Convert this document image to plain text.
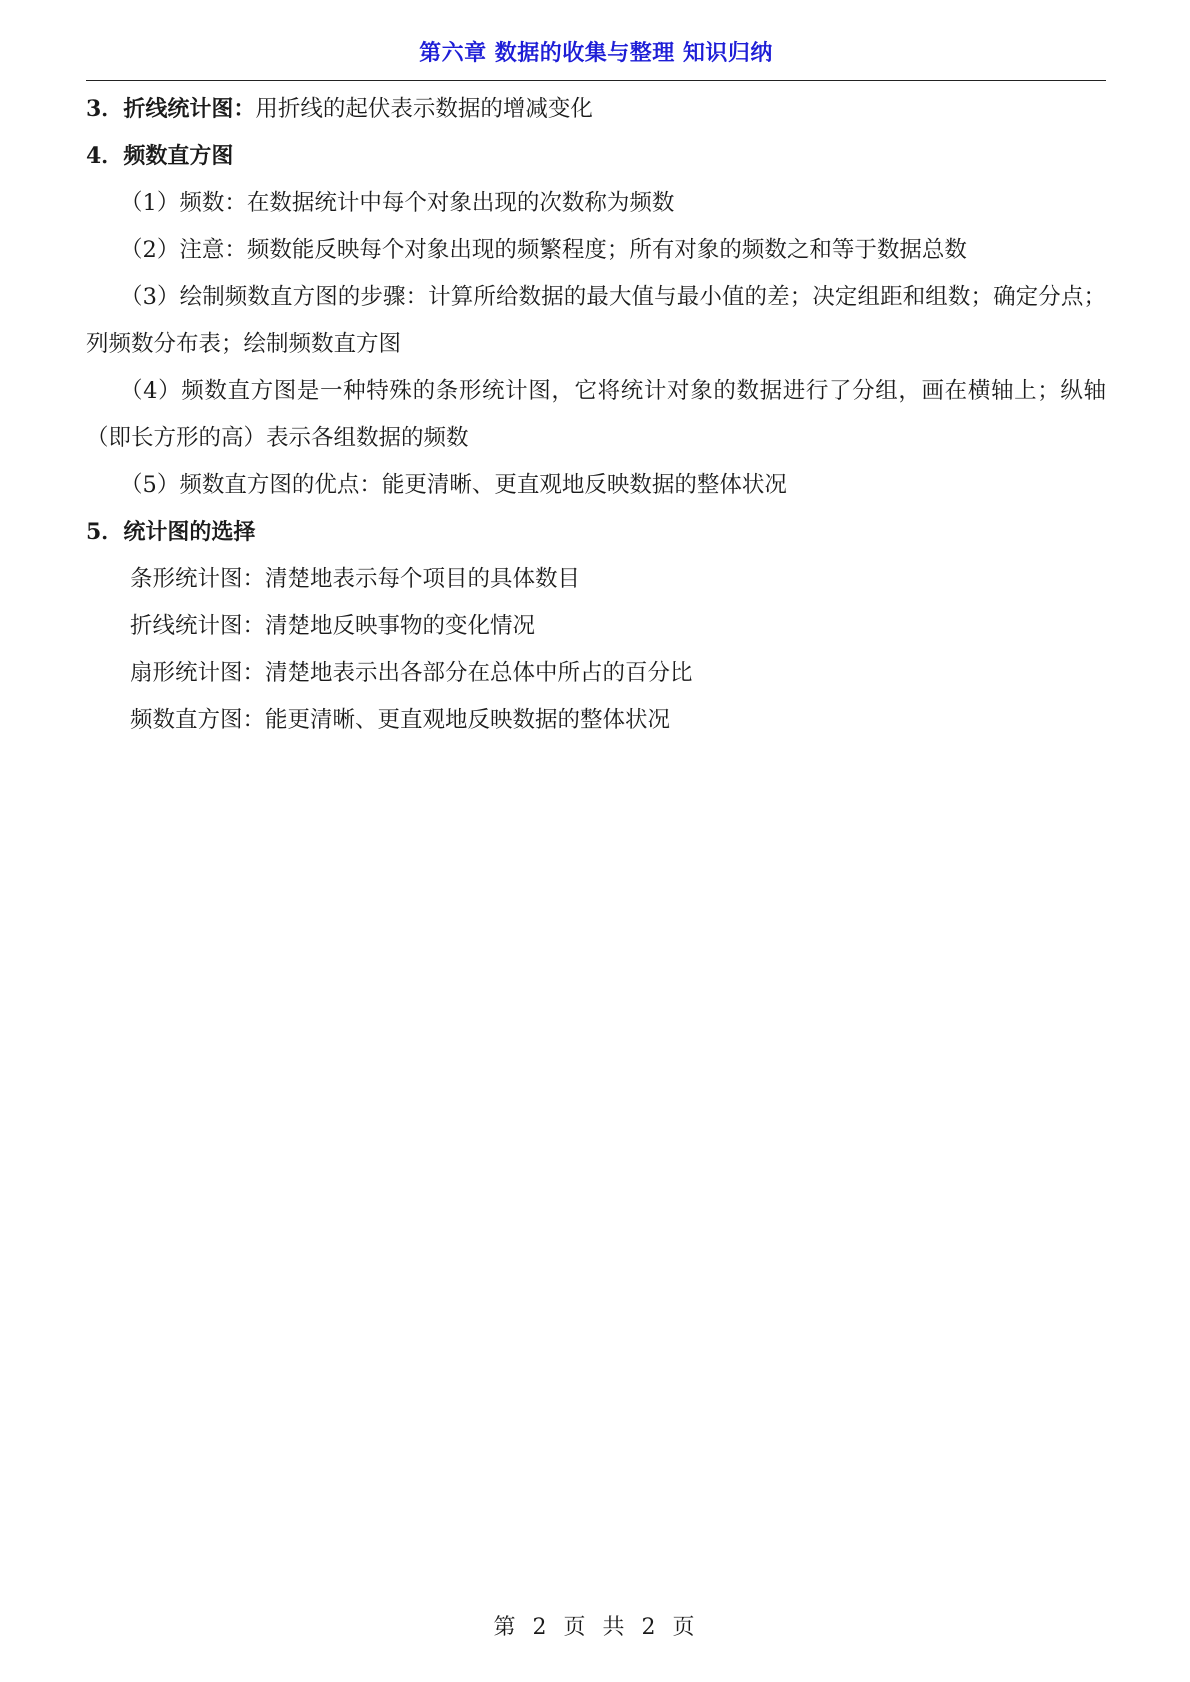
第六章 数据的收集与整理 知识归纳

3．折线统计图：用折线的起伏表示数据的增减变化

4．频数直方图

（1）频数：在数据统计中每个对象出现的次数称为频数

（2）注意：频数能反映每个对象出现的频繁程度；所有对象的频数之和等于数据总数

（3）绘制频数直方图的步骤：计算所给数据的最大值与最小值的差；决定组距和组数；确定分点；列频数分布表；绘制频数直方图

（4）频数直方图是一种特殊的条形统计图，它将统计对象的数据进行了分组，画在横轴上；纵轴（即长方形的高）表示各组数据的频数

（5）频数直方图的优点：能更清晰、更直观地反映数据的整体状况

5．统计图的选择

条形统计图：清楚地表示每个项目的具体数目

折线统计图：清楚地反映事物的变化情况

扇形统计图：清楚地表示出各部分在总体中所占的百分比

频数直方图：能更清晰、更直观地反映数据的整体状况

第 2 页 共 2 页
